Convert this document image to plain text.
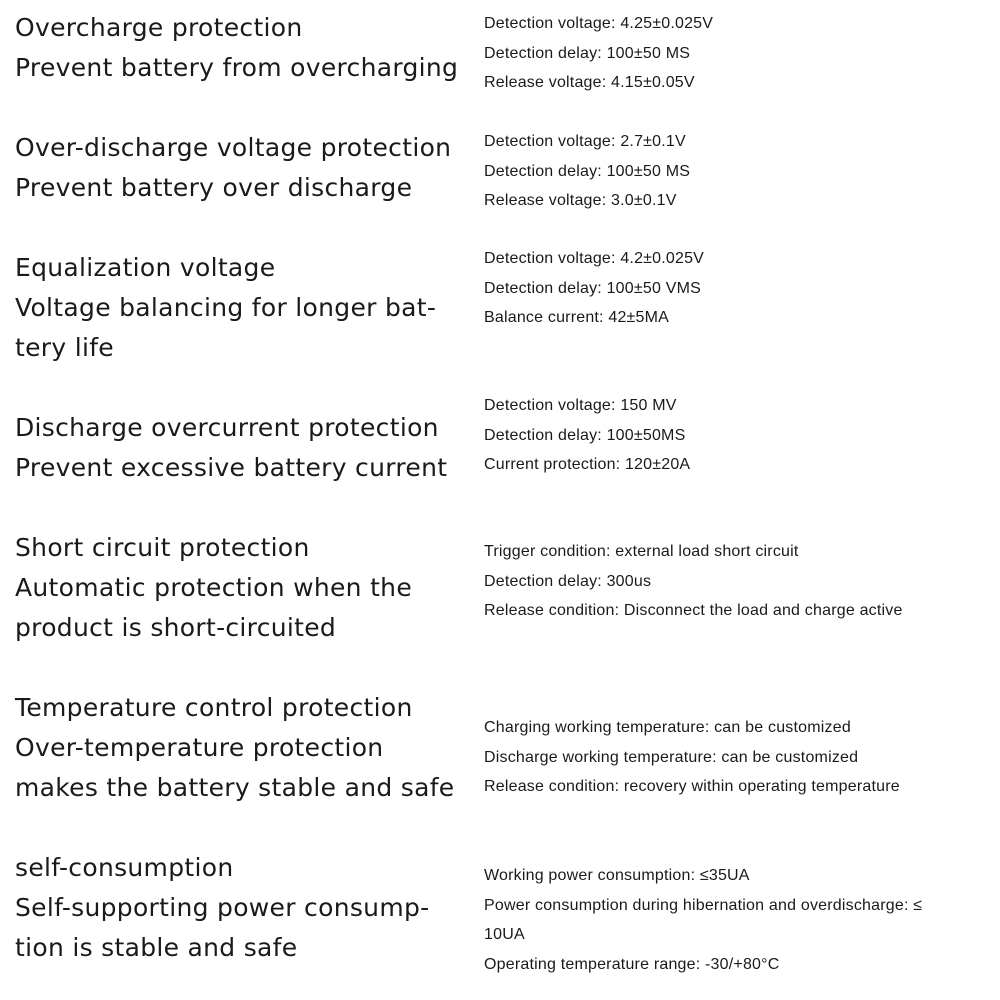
Overcharge protection
Prevent battery from overcharging
Detection voltage: 4.25±0.025V
Detection delay: 100±50 MS
Release voltage: 4.15±0.05V
Over-discharge voltage protection
Prevent battery over discharge
Detection voltage: 2.7±0.1V
Detection delay: 100±50 MS
Release voltage: 3.0±0.1V
Equalization voltage
Voltage balancing for longer bat-
tery life
Detection voltage: 4.2±0.025V
Detection delay: 100±50 VMS
Balance current: 42±5MA
Discharge overcurrent protection
Prevent excessive battery current
Detection voltage: 150 MV
Detection delay: 100±50MS
Current protection: 120±20A
Short circuit protection
Automatic protection when the
product is short-circuited
Trigger condition: external load short circuit
Detection delay: 300us
Release condition: Disconnect the load and charge active
Temperature control protection
Over-temperature protection
makes the battery stable and safe
Charging working temperature: can be customized
Discharge working temperature: can be customized
Release condition: recovery within operating temperature
self-consumption
Self-supporting power consump-
tion is stable and safe
Working power consumption: ≤35UA
Power consumption during hibernation and overdischarge: ≤
10UA
Operating temperature range: -30/+80°C
